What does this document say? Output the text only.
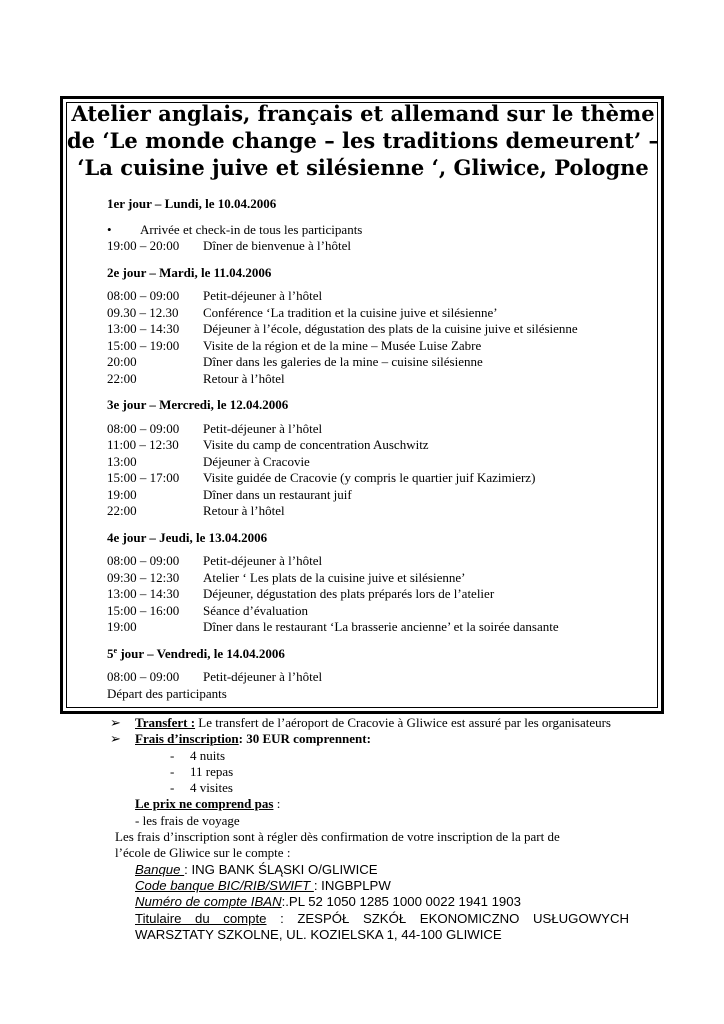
Atelier anglais, français et allemand sur le thème de ‘Le monde change – les traditions demeurent’ – ‘La cuisine juive et silésienne ‘, Gliwice, Pologne

1er jour – Lundi, le 10.04.2006

•	Arrivée et check-in de tous les participants
19:00 – 20:00	Dîner de bienvenue à l’hôtel

2e jour – Mardi, le 11.04.2006

08:00 – 09:00	Petit-déjeuner à l’hôtel
09.30 – 12.30	Conférence ‘La tradition et la cuisine juive et silésienne’
13:00 – 14:30	Déjeuner à l’école, dégustation des plats de la cuisine juive et silésienne
15:00 – 19:00	Visite de la région et de la mine – Musée Luise Zabre
20:00	Dîner dans les galeries de la mine – cuisine silésienne
22:00	Retour à l’hôtel

3e jour – Mercredi, le 12.04.2006

08:00 – 09:00	Petit-déjeuner à l’hôtel
11:00 – 12:30	Visite du camp de concentration Auschwitz
13:00	Déjeuner à Cracovie
15:00 – 17:00	Visite guidée de Cracovie (y compris le quartier juif Kazimierz)
19:00	Dîner dans un restaurant juif
22:00	Retour à l’hôtel

4e jour – Jeudi, le 13.04.2006

08:00 – 09:00	Petit-déjeuner à l’hôtel
09:30 – 12:30	Atelier ‘ Les plats de la cuisine juive et silésienne’
13:00 – 14:30	Déjeuner, dégustation des plats préparés lors de l’atelier
15:00 – 16:00	Séance d’évaluation
19:00	Dîner dans le restaurant ‘La brasserie ancienne’ et la soirée dansante

5e jour – Vendredi, le 14.04.2006

08:00 – 09:00	Petit-déjeuner à l’hôtel
Départ des participants
➢	Transfert : Le transfert de l’aéroport de Cracovie à Gliwice est assuré par les organisateurs
➢	Frais d’inscription: 30 EUR comprennent:
-	4 nuits
-	11 repas
-	4 visites
Le prix ne comprend pas :
- les frais de voyage
Les frais d’inscription sont à régler dès confirmation de votre inscription de la part de
l’école de Gliwice sur le compte :
Banque : ING BANK ŚLĄSKI O/GLIWICE
Code banque BIC/RIB/SWIFT : INGBPLPW
Numéro de compte IBAN:.PL 52 1050 1285 1000 0022 1941 1903
Titulaire du compte : ZESPÓŁ SZKÓŁ EKONOMICZNO USŁUGOWYCH
WARSZTATY SZKOLNE, UL. KOZIELSKA 1, 44-100 GLIWICE
